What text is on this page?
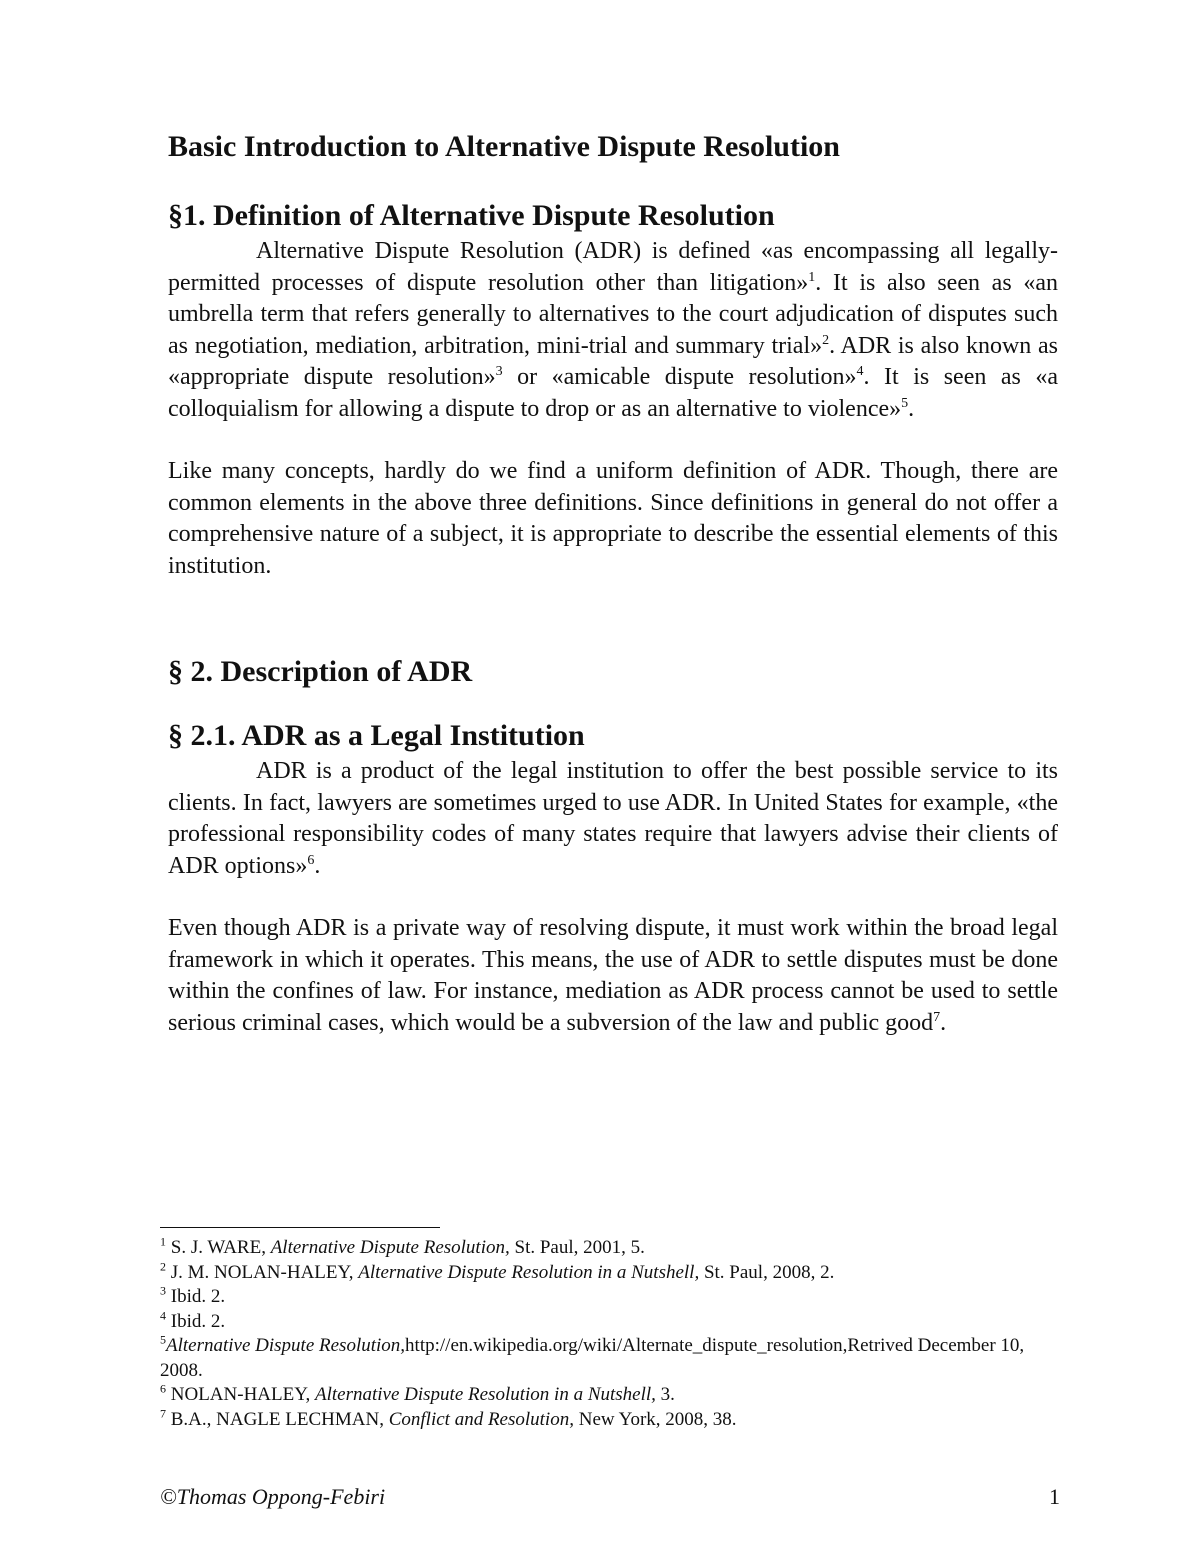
Basic Introduction to Alternative Dispute Resolution
§1. Definition of Alternative Dispute Resolution

Alternative Dispute Resolution (ADR) is defined «as encompassing all legally-permitted processes of dispute resolution other than litigation»$^1$. It is also seen as «an umbrella term that refers generally to alternatives to the court adjudication of disputes such as negotiation, mediation, arbitration, mini-trial and summary trial»$^2$. ADR is also known as «appropriate dispute resolution»$^3$ or «amicable dispute resolution»$^4$. It is seen as «a colloquialism for allowing a dispute to drop or as an alternative to violence»$^5$.

Like many concepts, hardly do we find a uniform definition of ADR. Though, there are common elements in the above three definitions. Since definitions in general do not offer a comprehensive nature of a subject, it is appropriate to describe the essential elements of this institution.

§ 2. Description of ADR
§ 2.1. ADR as a Legal Institution

ADR is a product of the legal institution to offer the best possible service to its clients. In fact, lawyers are sometimes urged to use ADR. In United States for example, «the professional responsibility codes of many states require that lawyers advise their clients of ADR options»$^6$.

Even though ADR is a private way of resolving dispute, it must work within the broad legal framework in which it operates. This means, the use of ADR to settle disputes must be done within the confines of law. For instance, mediation as ADR process cannot be used to settle serious criminal cases, which would be a subversion of the law and public good$^7$.

$^1$ S. J. WARE, Alternative Dispute Resolution, St. Paul, 2001, 5.

$^2$ J. M. NOLAN-HALEY, Alternative Dispute Resolution in a Nutshell, St. Paul, 2008, 2.

$^3$ Ibid. 2.

$^4$ Ibid. 2.

$^5$Alternative Dispute Resolution,http://en.wikipedia.org/wiki/Alternate_dispute_resolution,Retrived December 10, 2008.

$^6$ NOLAN-HALEY, Alternative Dispute Resolution in a Nutshell, 3.

$^7$ B.A., NAGLE LECHMAN, Conflict and Resolution, New York, 2008, 38.

©Thomas Oppong-Febiri	1
